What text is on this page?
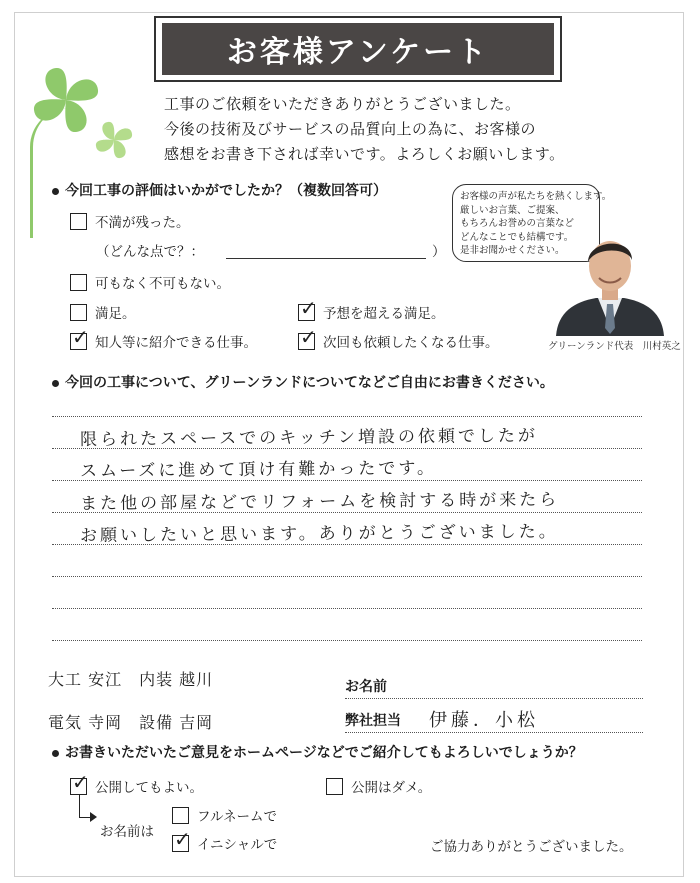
お客様アンケート
工事のご依頼をいただきありがとうございました。
今後の技術及びサービスの品質向上の為に、お客様の
感想をお書き下されば幸いです。よろしくお願いします。
今回工事の評価はいかがでしたか？（複数回答可）
不満が残った。
（どんな点で？：	）
可もなく不可もない。
満足。	✓ 予想を超える満足。
✓ 知人等に紹介できる仕事。 ✓ 次回も依頼したくなる仕事。
お客様の声が私たちを熱くします。
厳しいお言葉、ご提案、
もちろんお誉めの言葉など
どんなことでも結構です。
是非お聞かせください。
グリーンランド代表　川村英之
今回の工事について、グリーンランドについてなどご自由にお書きください。
限られたスペースでのキッチン増設の依頼でしたが
スムーズに進めて頂け有難かったです。
また他の部屋などでリフォームを検討する時が来たら
お願いしたいと思います。ありがとうございました。
大工 安江　内装 越川
電気 寺岡　設備 吉岡
お名前
弊社担当 伊藤．小松
お書きいただいたご意見をホームページなどでご紹介してもよろしいでしょうか？
✓ 公開してもよい。	公開はダメ。
お名前は
フルネームで
✓ イニシャルで	ご協力ありがとうございました。
